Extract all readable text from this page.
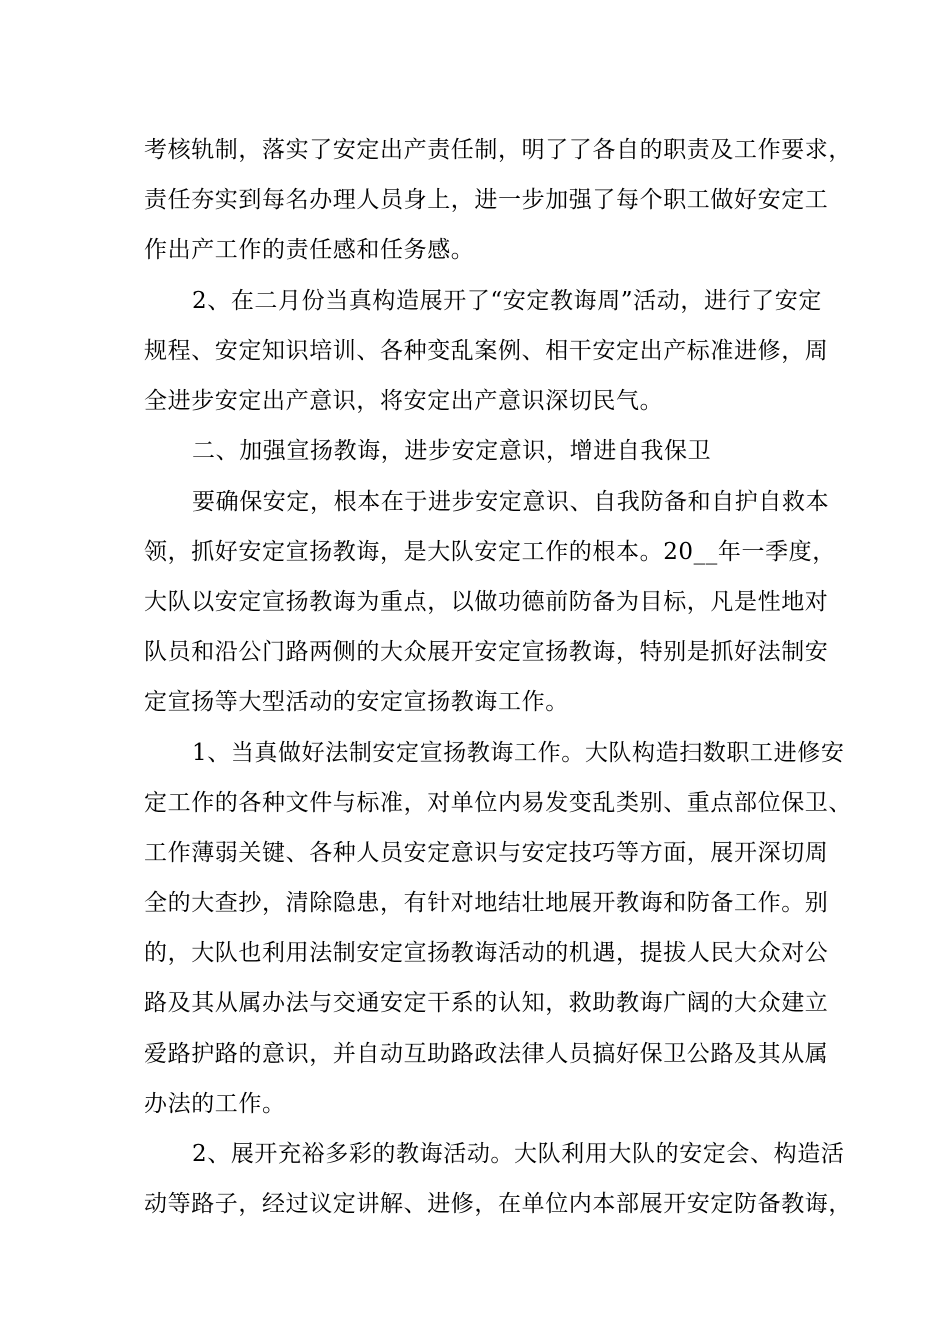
考核轨制，落实了安定出产责任制，明了了各自的职责及工作要求，

责任夯实到每名办理人员身上，进一步加强了每个职工做好安定工

作出产工作的责任感和任务感。

2、在二月份当真构造展开了“安定教诲周”活动，进行了安定

规程、安定知识培训、各种变乱案例、相干安定出产标准进修，周

全进步安定出产意识，将安定出产意识深切民气。

二、加强宣扬教诲，进步安定意识，增进自我保卫

要确保安定，根本在于进步安定意识、自我防备和自护自救本

领，抓好安定宣扬教诲，是大队安定工作的根本。20__年一季度，

大队以安定宣扬教诲为重点，以做功德前防备为目标，凡是性地对

队员和沿公门路两侧的大众展开安定宣扬教诲，特别是抓好法制安

定宣扬等大型活动的安定宣扬教诲工作。

1、当真做好法制安定宣扬教诲工作。大队构造扫数职工进修安

定工作的各种文件与标准，对单位内易发变乱类别、重点部位保卫、

工作薄弱关键、各种人员安定意识与安定技巧等方面，展开深切周

全的大查抄，清除隐患，有针对地结壮地展开教诲和防备工作。别

的，大队也利用法制安定宣扬教诲活动的机遇，提拔人民大众对公

路及其从属办法与交通安定干系的认知，救助教诲广阔的大众建立

爱路护路的意识，并自动互助路政法律人员搞好保卫公路及其从属

办法的工作。

2、展开充裕多彩的教诲活动。大队利用大队的安定会、构造活

动等路子，经过议定讲解、进修，在单位内本部展开安定防备教诲，
